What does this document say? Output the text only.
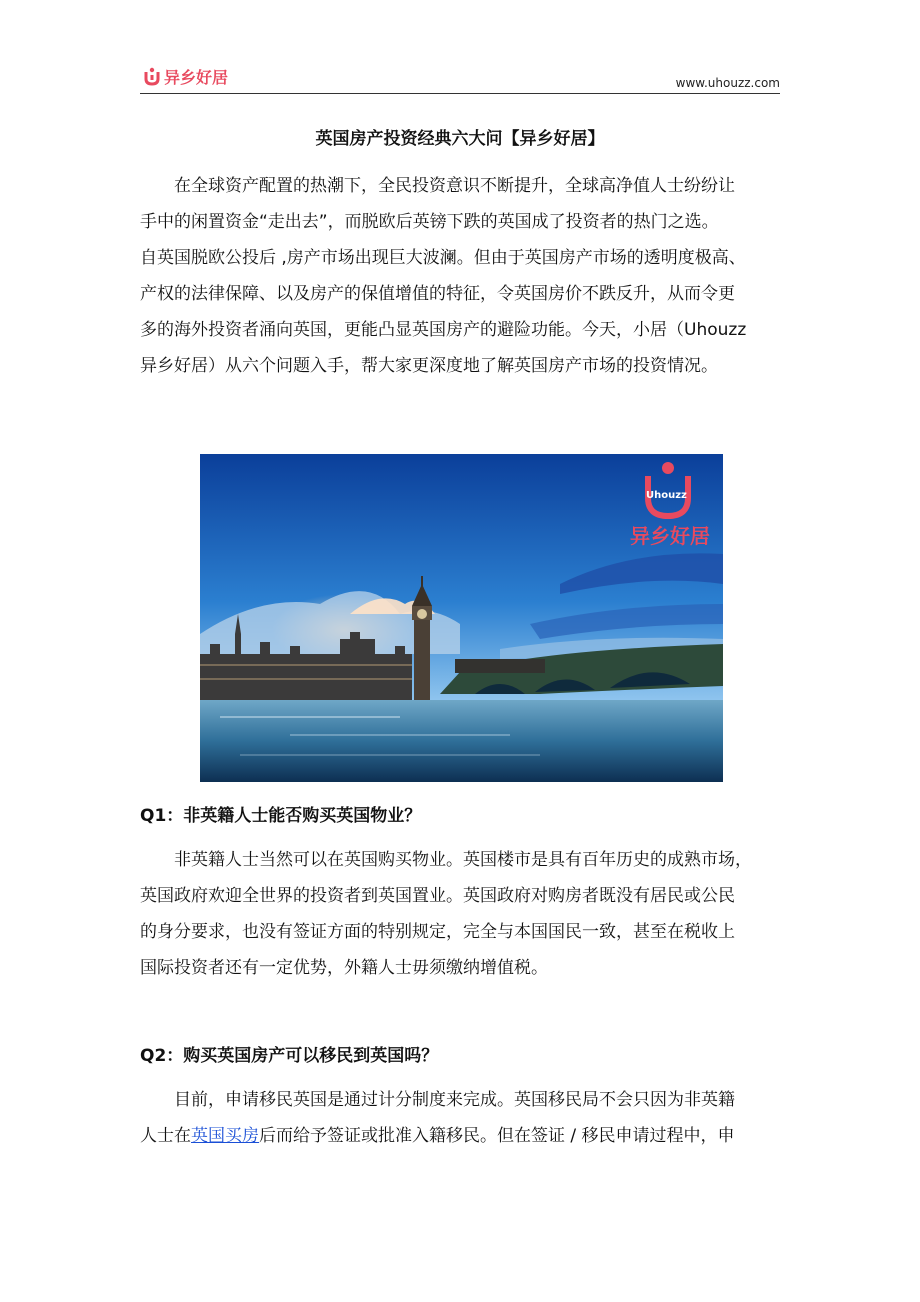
异乡好居	www.uhouzz.com
英国房产投资经典六大问【异乡好居】
在全球资产配置的热潮下，全民投资意识不断提升，全球高净值人士纷纷让
手中的闲置资金“走出去”，而脱欧后英镑下跌的英国成了投资者的热门之选。
自英国脱欧公投后 ,房产市场出现巨大波澜。但由于英国房产市场的透明度极高、
产权的法律保障、以及房产的保值增值的特征，令英国房价不跌反升，从而令更
多的海外投资者涌向英国，更能凸显英国房产的避险功能。今天，小居（Uhouzz
异乡好居）从六个问题入手，帮大家更深度地了解英国房产市场的投资情况。
Uhouzz
异乡好居
Q1：非英籍人士能否购买英国物业？
非英籍人士当然可以在英国购买物业。英国楼市是具有百年历史的成熟市场，
英国政府欢迎全世界的投资者到英国置业。英国政府对购房者既没有居民或公民
的身分要求，也没有签证方面的特别规定，完全与本国国民一致，甚至在税收上
国际投资者还有一定优势，外籍人士毋须缴纳增值税。
Q2：购买英国房产可以移民到英国吗？
目前，申请移民英国是通过计分制度来完成。英国移民局不会只因为非英籍
人士在英国买房后而给予签证或批准入籍移民。但在签证 / 移民申请过程中，申
